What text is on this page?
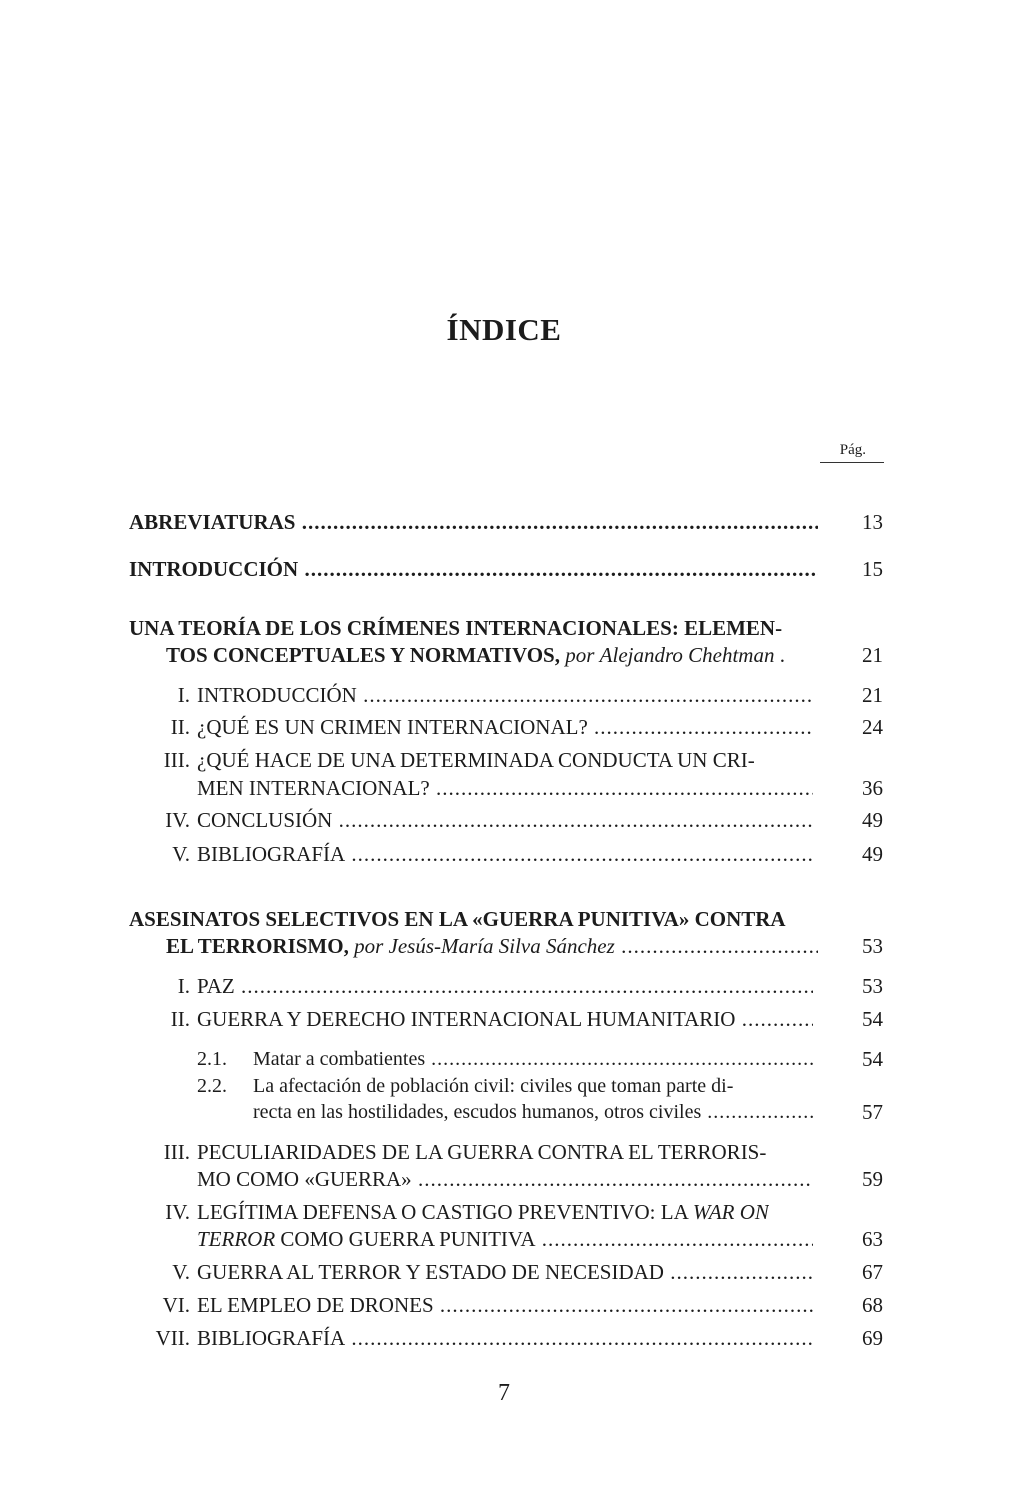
ÍNDICE
Pág.
ABREVIATURAS .....	13
INTRODUCCIÓN .....	15
UNA TEORÍA DE LOS CRÍMENES INTERNACIONALES: ELEMEN-
TOS CONCEPTUALES Y NORMATIVOS, por Alejandro Chehtman .	21
I. INTRODUCCIÓN .....	21
II. ¿QUÉ ES UN CRIMEN INTERNACIONAL? .....	24
III. ¿QUÉ HACE DE UNA DETERMINADA CONDUCTA UN CRI-
MEN INTERNACIONAL? .....	36
IV. CONCLUSIÓN .....	49
V. BIBLIOGRAFÍA .....	49
ASESINATOS SELECTIVOS EN LA «GUERRA PUNITIVA» CONTRA
EL TERRORISMO, por Jesús-María Silva Sánchez .....	53
I. PAZ .....	53
II. GUERRA Y DERECHO INTERNACIONAL HUMANITARIO .....	54
2.1. Matar a combatientes .....	54
2.2. La afectación de población civil: civiles que toman parte di-
recta en las hostilidades, escudos humanos, otros civiles .....	57
III. PECULIARIDADES DE LA GUERRA CONTRA EL TERRORIS-
MO COMO «GUERRA» .....	59
IV. LEGÍTIMA DEFENSA O CASTIGO PREVENTIVO: LA WAR ON
TERROR COMO GUERRA PUNITIVA .....	63
V. GUERRA AL TERROR Y ESTADO DE NECESIDAD .....	67
VI. EL EMPLEO DE DRONES .....	68
VII. BIBLIOGRAFÍA .....	69
7
